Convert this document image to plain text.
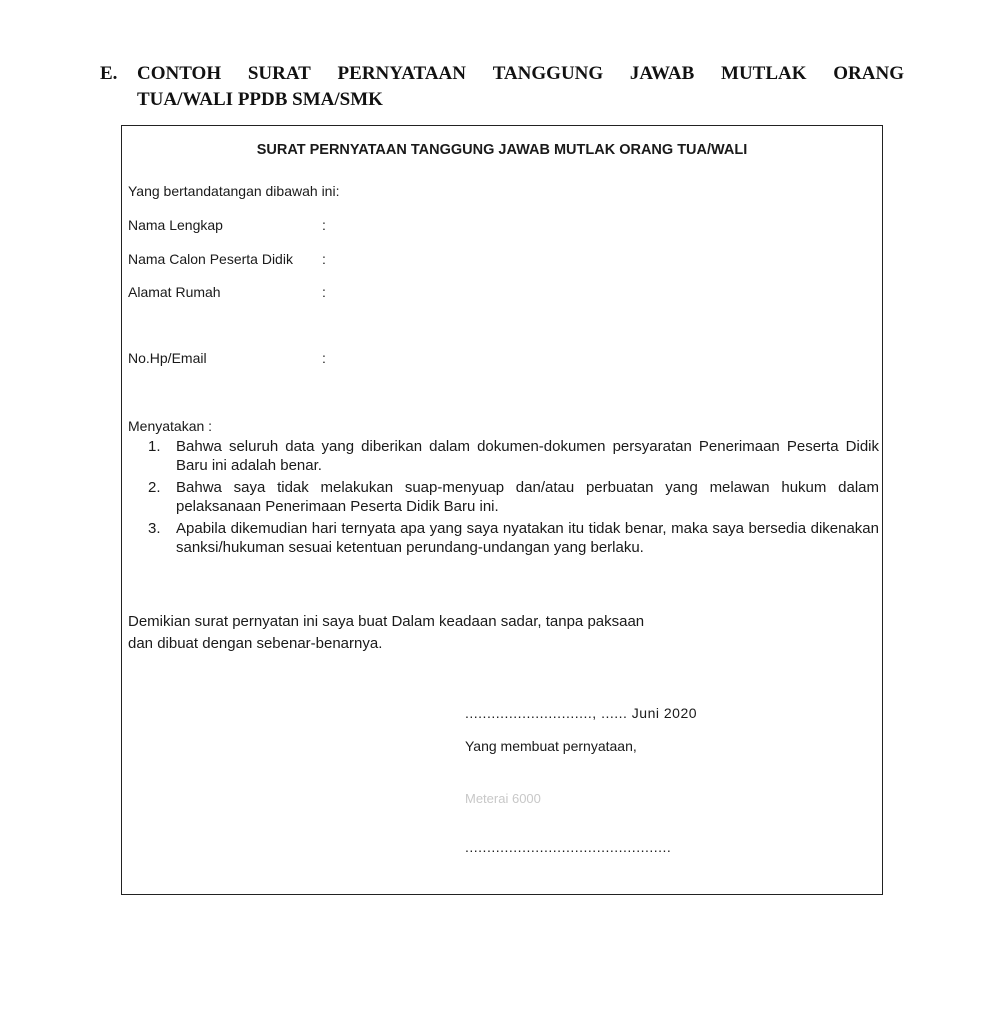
E. CONTOH SURAT PERNYATAAN TANGGUNG JAWAB MUTLAK ORANG
TUA/WALI PPDB SMA/SMK
SURAT PERNYATAAN TANGGUNG JAWAB MUTLAK ORANG TUA/WALI
Yang bertandatangan dibawah ini:
Nama Lengkap	:
Nama Calon Peserta Didik :
Alamat Rumah	:
No.Hp/Email	:
Menyatakan :
1.	Bahwa seluruh data yang diberikan dalam dokumen-dokumen persyaratan Penerimaan Peserta Didik Baru ini adalah benar.
2.	Bahwa saya tidak melakukan suap-menyuap dan/atau perbuatan yang melawan hukum dalam pelaksanaan Penerimaan Peserta Didik Baru ini.
3.	Apabila dikemudian hari ternyata apa yang saya nyatakan itu tidak benar, maka saya bersedia dikenakan sanksi/hukuman sesuai ketentuan perundang-undangan yang berlaku.
Demikian surat pernyatan ini saya buat Dalam keadaan sadar, tanpa paksaan
dan dibuat dengan sebenar-benarnya.
............................., ...... Juni 2020
Yang membuat pernyataan,
Meterai 6000
...............................................
